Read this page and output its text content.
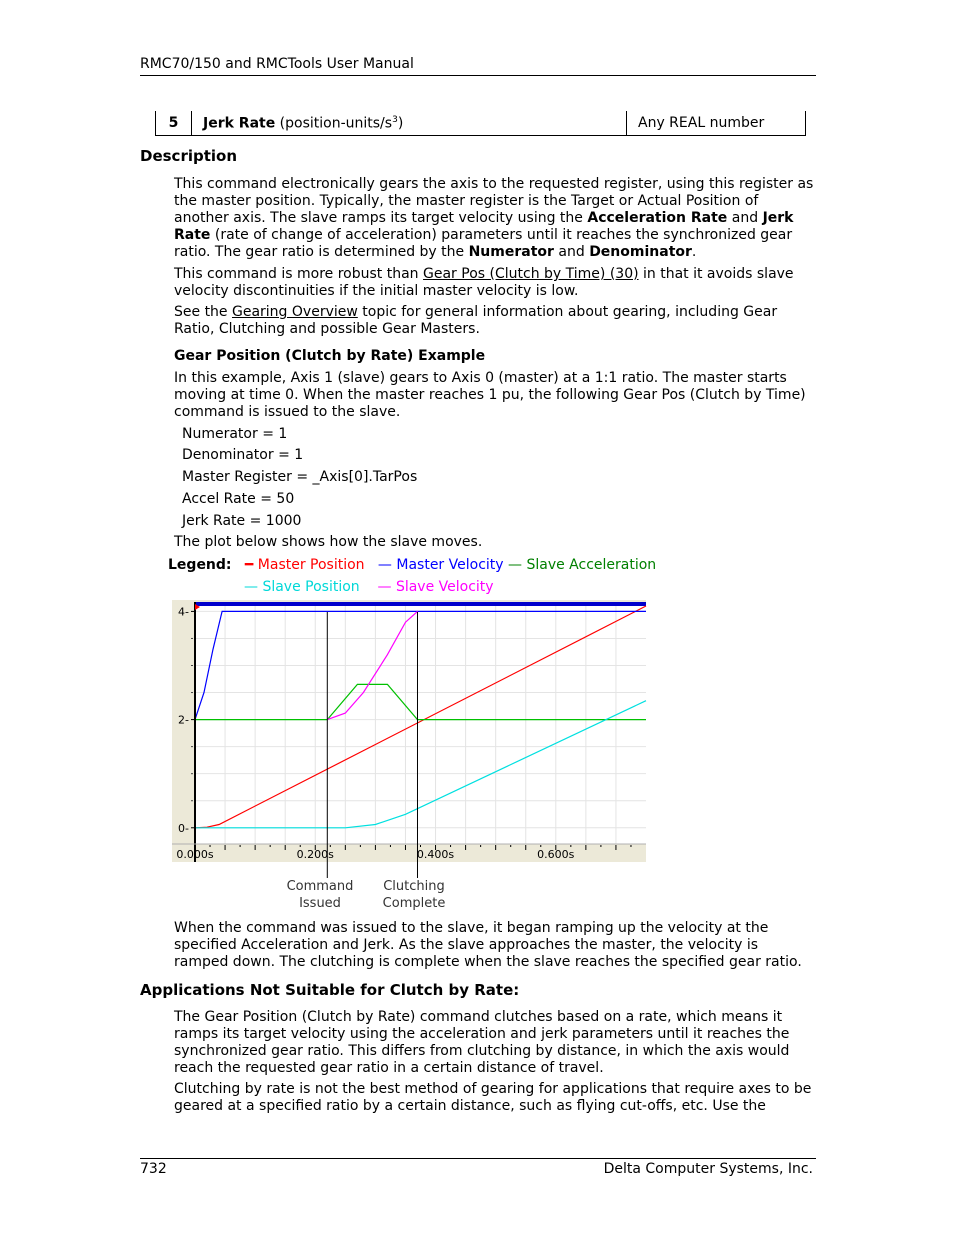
RMC70/150 and RMCTools User Manual
5	Jerk Rate $(position-units/s^3)$	Any REAL number
Description

This command electronically gears the axis to the requested register, using this register as the master position. Typically, the master register is the Target or Actual Position of another axis. The slave ramps its target velocity using the Acceleration Rate and Jerk Rate (rate of change of acceleration) parameters until it reaches the synchronized gear ratio. The gear ratio is determined by the Numerator and Denominator.

This command is more robust than Gear Pos (Clutch by Time) (30) in that it avoids slave velocity discontinuities if the initial master velocity is low.

See the Gearing Overview topic for general information about gearing, including Gear Ratio, Clutching and possible Gear Masters.

Gear Position (Clutch by Rate) Example

In this example, Axis 1 (slave) gears to Axis 0 (master) at a 1:1 ratio. The master starts moving at time 0. When the master reaches 1 pu, the following Gear Pos (Clutch by Time) command is issued to the slave.

Numerator = 1

Denominator = 1

Master Register = _Axis[0].TarPos

Accel Rate = 50

Jerk Rate = 1000

The plot below shows how the slave moves.

Legend: ━ Master Position — Master Velocity — Slave Acceleration
— Slave Position — Slave Velocity
0-
2-
4-
0.000s	0.200s	0.400s	0.600s
Command
Issued
Clutching
Complete

When the command was issued to the slave, it began ramping up the velocity at the specified Acceleration and Jerk. As the slave approaches the master, the velocity is ramped down. The clutching is complete when the slave reaches the specified gear ratio.

Applications Not Suitable for Clutch by Rate:

The Gear Position (Clutch by Rate) command clutches based on a rate, which means it ramps its target velocity using the acceleration and jerk parameters until it reaches the synchronized gear ratio. This differs from clutching by distance, in which the axis would reach the requested gear ratio in a certain distance of travel.

Clutching by rate is not the best method of gearing for applications that require axes to be geared at a specified ratio by a certain distance, such as flying cut-offs, etc. Use the

732	Delta Computer Systems, Inc.
